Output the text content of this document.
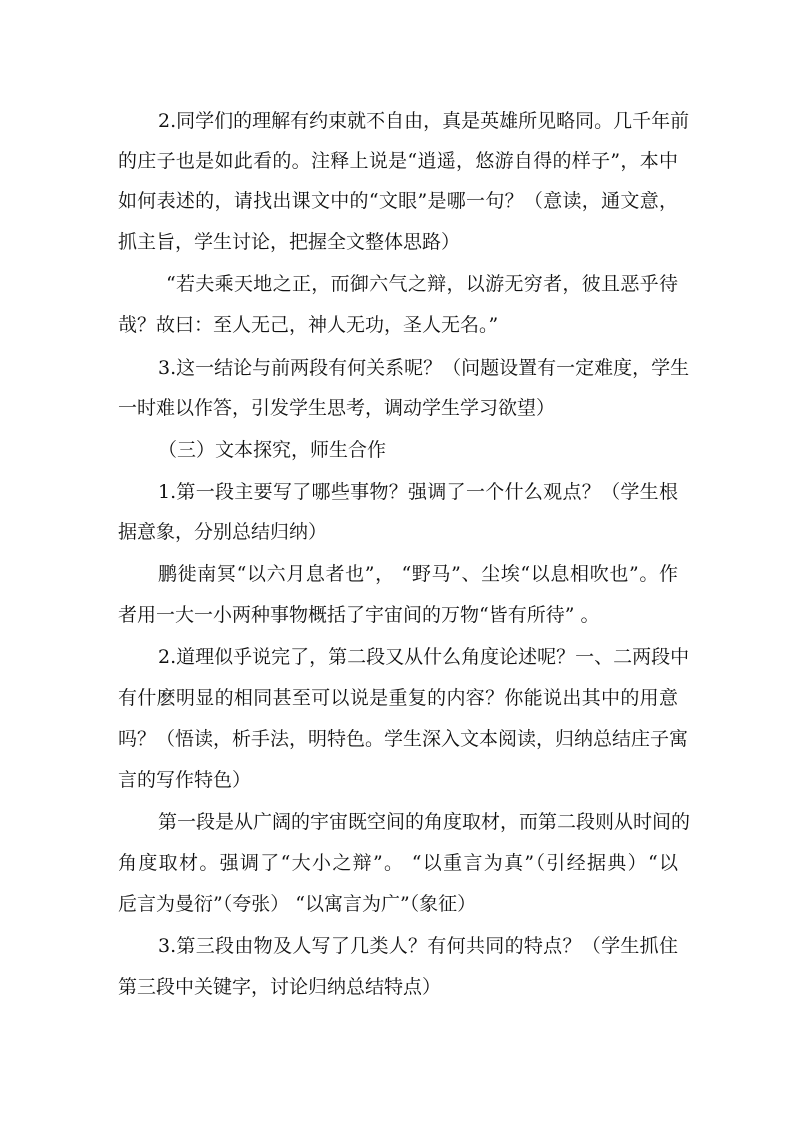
2.同学们的理解有约束就不自由，真是英雄所见略同。几千年前
的庄子也是如此看的。注释上说是“逍遥，悠游自得的样子”，本中
如何表述的，请找出课文中的“文眼”是哪一句？（意读，通文意，
抓主旨，学生讨论，把握全文整体思路）
“若夫乘天地之正，而御六气之辩，以游无穷者，彼且恶乎待
哉？故曰：至人无己，神人无功，圣人无名。”
3.这一结论与前两段有何关系呢？（问题设置有一定难度，学生
一时难以作答，引发学生思考，调动学生学习欲望）
（三）文本探究，师生合作
1.第一段主要写了哪些事物？强调了一个什么观点？（学生根
据意象，分别总结归纳）
鹏徙南冥“以六月息者也”， “野马”、尘埃“以息相吹也”。作
者用一大一小两种事物概括了宇宙间的万物“皆有所待” 。
2.道理似乎说完了，第二段又从什么角度论述呢？一、二两段中
有什麽明显的相同甚至可以说是重复的内容？你能说出其中的用意
吗？（悟读，析手法，明特色。学生深入文本阅读，归纳总结庄子寓
言的写作特色）
第一段是从广阔的宇宙既空间的角度取材，而第二段则从时间的
角度取材。强调了“大小之辩”。 “以重言为真”（引经据典）“以
卮言为曼衍”（夸张） “以寓言为广”（象征）
3.第三段由物及人写了几类人？有何共同的特点？（学生抓住
第三段中关键字，讨论归纳总结特点）
